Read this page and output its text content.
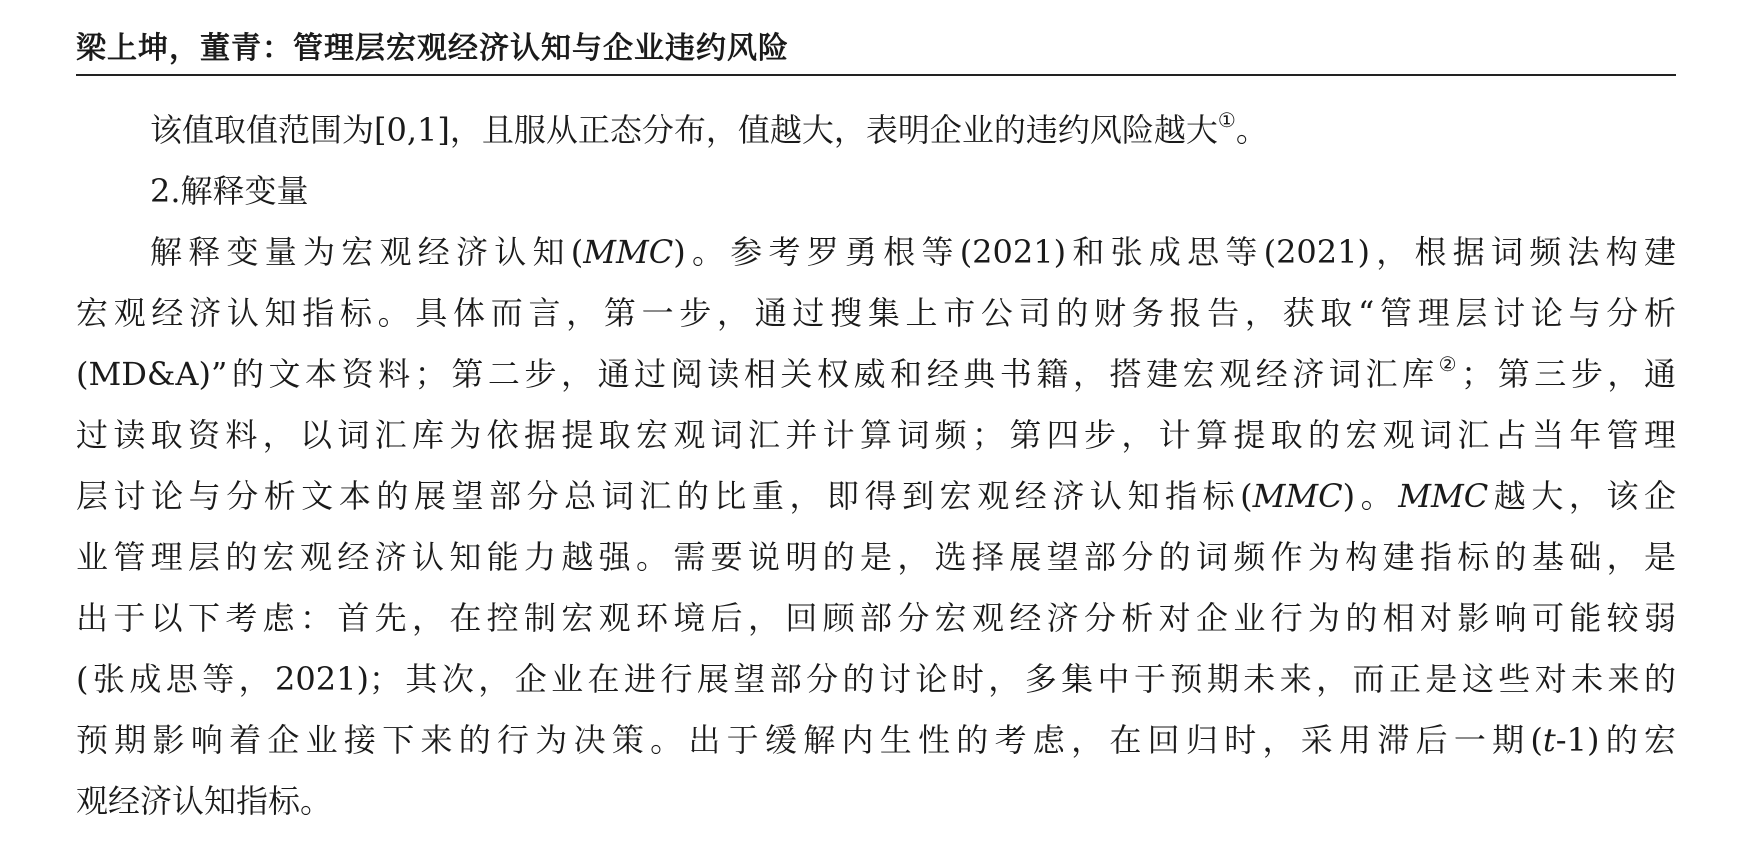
梁上坤，董青：管理层宏观经济认知与企业违约风险
该值取值范围为[0,1]，且服从正态分布，值越大，表明企业的违约风险越大①。
2.解释变量
解释变量为宏观经济认知(MMC)。参考罗勇根等(2021)和张成思等(2021)，根据词频法构建
宏观经济认知指标。具体而言，第一步，通过搜集上市公司的财务报告，获取“管理层讨论与分析
(MD&A)”的文本资料；第二步，通过阅读相关权威和经典书籍，搭建宏观经济词汇库②；第三步，通
过读取资料，以词汇库为依据提取宏观词汇并计算词频；第四步，计算提取的宏观词汇占当年管理
层讨论与分析文本的展望部分总词汇的比重，即得到宏观经济认知指标(MMC)。MMC越大，该企
业管理层的宏观经济认知能力越强。需要说明的是，选择展望部分的词频作为构建指标的基础，是
出于以下考虑：首先，在控制宏观环境后，回顾部分宏观经济分析对企业行为的相对影响可能较弱
(张成思等，2021)；其次，企业在进行展望部分的讨论时，多集中于预期未来，而正是这些对未来的
预期影响着企业接下来的行为决策。出于缓解内生性的考虑，在回归时，采用滞后一期(t-1)的宏
观经济认知指标。
